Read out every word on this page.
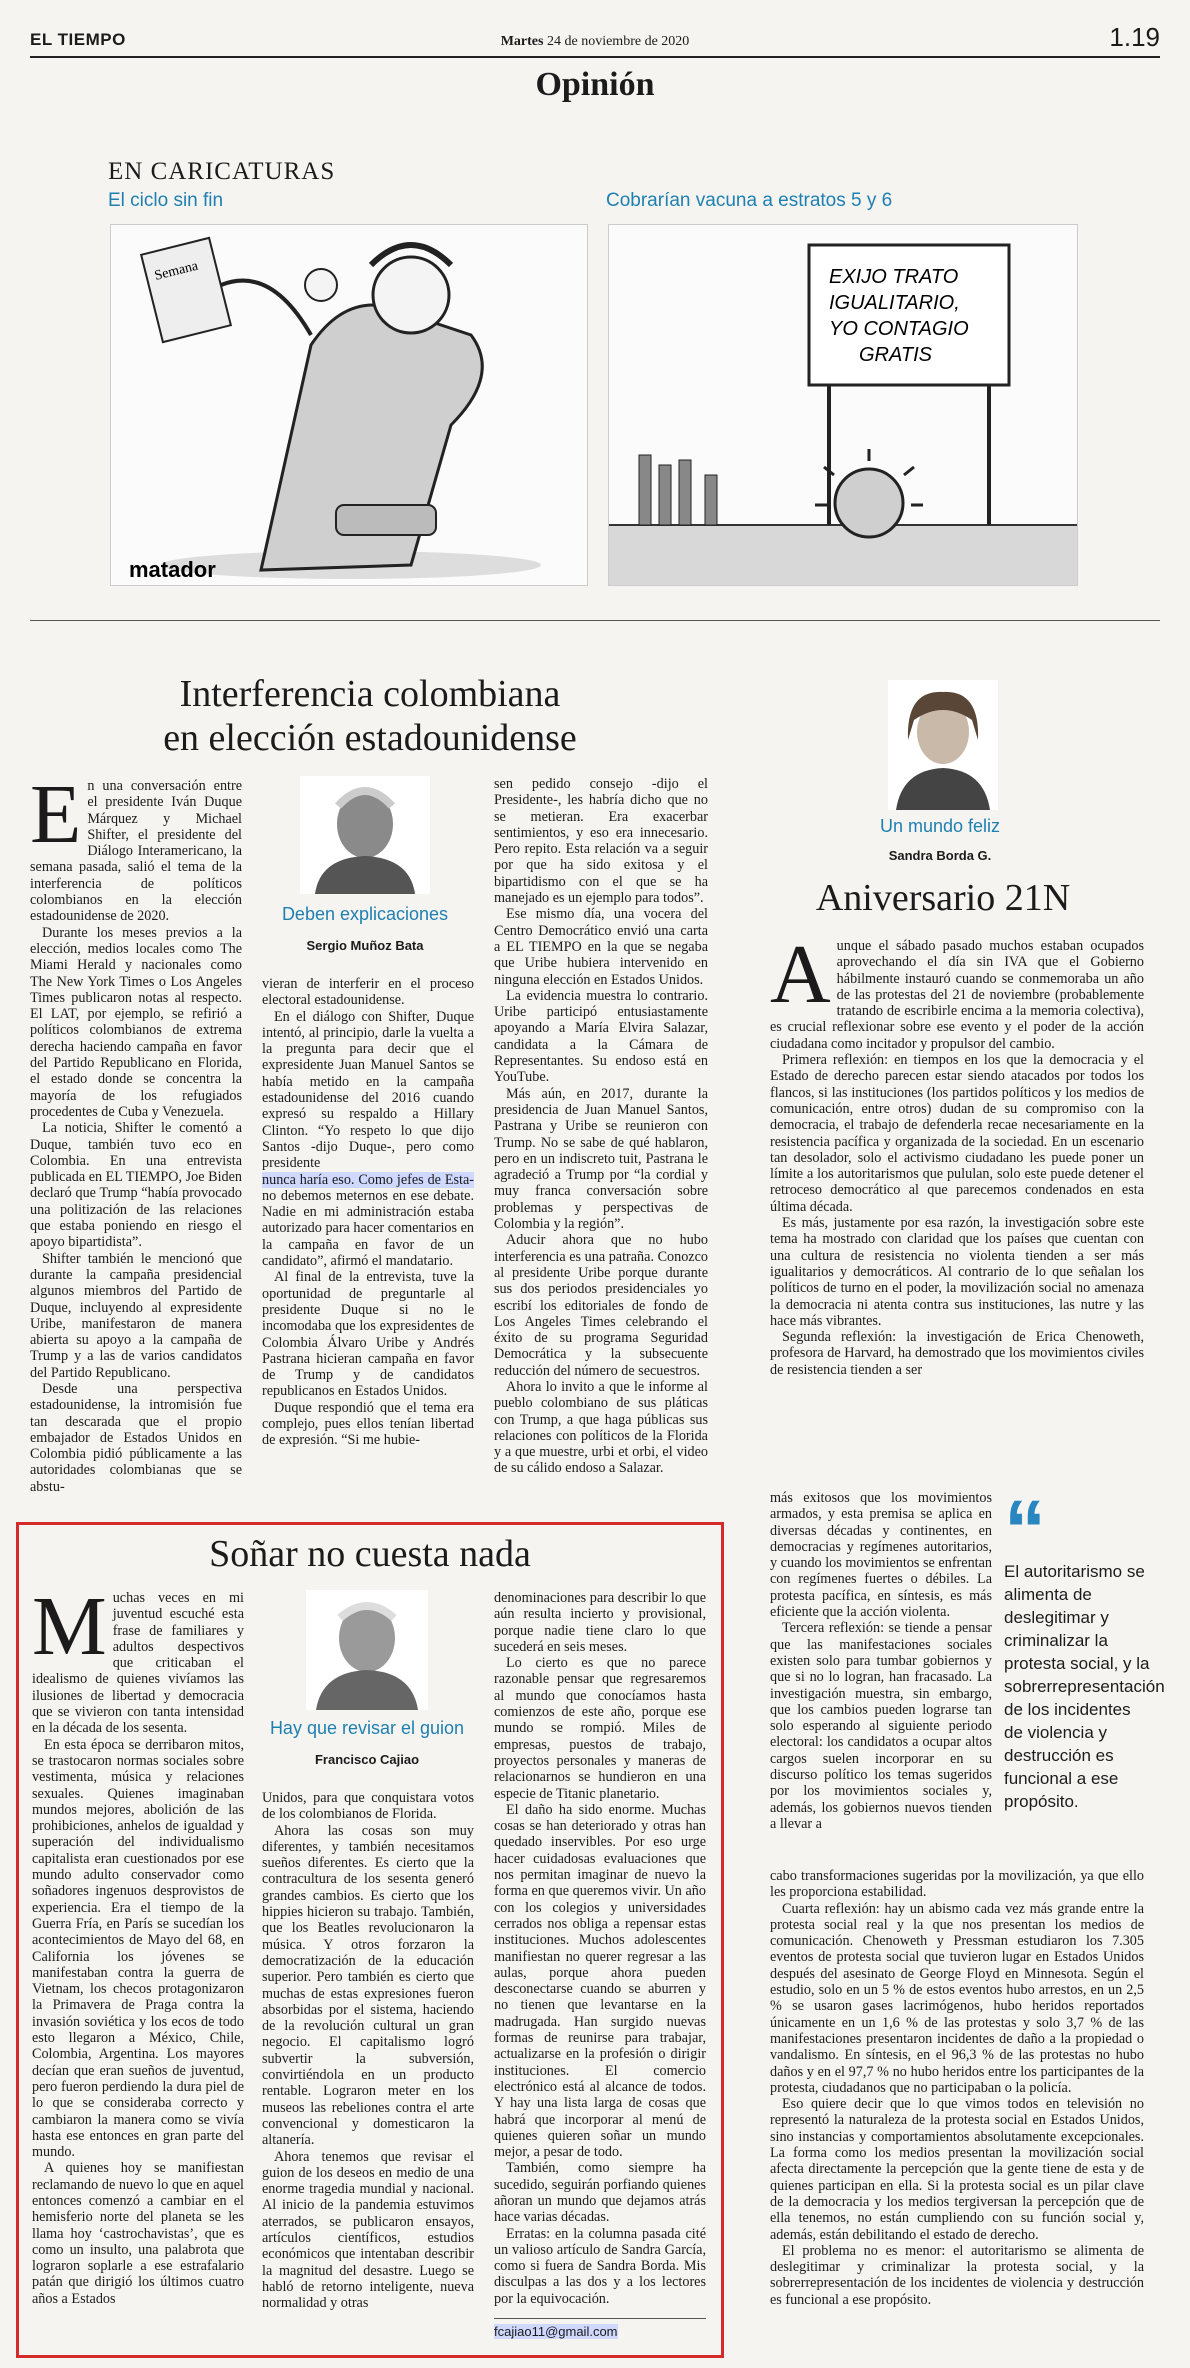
EL TIEMPO	Martes 24 de noviembre de 2020	1.19
Opinión
EN CARICATURAS
El ciclo sin fin	Cobrarían vacuna a estratos 5 y 6
Semana
matador
EXIJO TRATO IGUALITARIO, YO CONTAGIO GRATIS
Interferencia colombiana
en elección estadounidense
E n una conversación entre el presidente Iván Duque Márquez y Michael Shifter, el presidente del Diálogo Interamericano, la semana pasada, salió el tema de la interferencia de políticos colombianos en la elección estadounidense de 2020.

Durante los meses previos a la elección, medios locales como The Miami Herald y nacionales como The New York Times o Los Angeles Times publicaron notas al respecto. El LAT, por ejemplo, se refirió a políticos colombianos de extrema derecha haciendo campaña en favor del Partido Republicano en Florida, el estado donde se concentra la mayoría de los refugiados procedentes de Cuba y Venezuela.

La noticia, Shifter le comentó a Duque, también tuvo eco en Colombia. En una entrevista publicada en EL TIEMPO, Joe Biden declaró que Trump “había provocado una politización de las relaciones que estaba poniendo en riesgo el apoyo bipartidista”.

Shifter también le mencionó que durante la campaña presidencial algunos miembros del Partido de Duque, incluyendo al expresidente Uribe, manifestaron de manera abierta su apoyo a la campaña de Trump y a las de varios candidatos del Partido Republicano.

Desde una perspectiva estadounidense, la intromisión fue tan descarada que el propio embajador de Estados Unidos en Colombia pidió públicamente a las autoridades colombianas que se abstu-

Deben explicaciones
Sergio Muñoz Bata
vieran de interferir en el proceso electoral estadounidense.

En el diálogo con Shifter, Duque intentó, al principio, darle la vuelta a la pregunta para decir que el expresidente Juan Manuel Santos se había metido en la campaña estadounidense del 2016 cuando expresó su respaldo a Hillary Clinton. “Yo respeto lo que dijo Santos -dijo Duque-, pero como presidente

nunca haría eso. Como jefes de Esta- no debemos meternos en ese debate. Nadie en mi administración estaba autorizado para hacer comentarios en la campaña en favor de un candidato”, afirmó el mandatario.

Al final de la entrevista, tuve la oportunidad de preguntarle al presidente Duque si no le incomodaba que los expresidentes de Colombia Álvaro Uribe y Andrés Pastrana hicieran campaña en favor de Trump y de candidatos republicanos en Estados Unidos.

Duque respondió que el tema era complejo, pues ellos tenían libertad de expresión. “Si me hubie-

sen pedido consejo -dijo el Presidente-, les habría dicho que no se metieran. Era exacerbar sentimientos, y eso era innecesario. Pero repito. Esta relación va a seguir por que ha sido exitosa y el bipartidismo con el que se ha manejado es un ejemplo para todos”.

Ese mismo día, una vocera del Centro Democrático envió una carta a EL TIEMPO en la que se negaba que Uribe hubiera intervenido en ninguna elección en Estados Unidos.

La evidencia muestra lo contrario. Uribe participó entusiastamente apoyando a María Elvira Salazar, candidata a la Cámara de Representantes. Su endoso está en YouTube.

Más aún, en 2017, durante la presidencia de Juan Manuel Santos, Pastrana y Uribe se reunieron con Trump. No se sabe de qué hablaron, pero en un indiscreto tuit, Pastrana le agradeció a Trump por “la cordial y muy franca conversación sobre problemas y perspectivas de Colombia y la región”.

Aducir ahora que no hubo interferencia es una patraña. Conozco al presidente Uribe porque durante sus dos periodos presidenciales yo escribí los editoriales de fondo de Los Angeles Times celebrando el éxito de su programa Seguridad Democrática y la subsecuente reducción del número de secuestros.

Ahora lo invito a que le informe al pueblo colombiano de sus pláticas con Trump, a que haga públicas sus relaciones con políticos de la Florida y a que muestre, urbi et orbi, el video de su cálido endoso a Salazar.

Soñar no cuesta nada
M uchas veces en mi juventud escuché esta frase de familiares y adultos despectivos que criticaban el idealismo de quienes vivíamos las ilusiones de libertad y democracia que se vivieron con tanta intensidad en la década de los sesenta.

En esta época se derribaron mitos, se trastocaron normas sociales sobre vestimenta, música y relaciones sexuales. Quienes imaginaban mundos mejores, abolición de las prohibiciones, anhelos de igualdad y superación del individualismo capitalista eran cuestionados por ese mundo adulto conservador como soñadores ingenuos desprovistos de experiencia. Era el tiempo de la Guerra Fría, en París se sucedían los acontecimientos de Mayo del 68, en California los jóvenes se manifestaban contra la guerra de Vietnam, los checos protagonizaron la Primavera de Praga contra la invasión soviética y los ecos de todo esto llegaron a México, Chile, Colombia, Argentina. Los mayores decían que eran sueños de juventud, pero fueron perdiendo la dura piel de lo que se consideraba correcto y cambiaron la manera como se vivía hasta ese entonces en gran parte del mundo.

A quienes hoy se manifiestan reclamando de nuevo lo que en aquel entonces comenzó a cambiar en el hemisferio norte del planeta se les llama hoy ‘castrochavistas’, que es como un insulto, una palabrota que lograron soplarle a ese estrafalario patán que dirigió los últimos cuatro años a Estados

Hay que revisar el guion
Francisco Cajiao
Unidos, para que conquistara votos de los colombianos de Florida.

Ahora las cosas son muy diferentes, y también necesitamos sueños diferentes. Es cierto que la contracultura de los sesenta generó grandes cambios. Es cierto que los hippies hicieron su trabajo. También, que los Beatles revolucionaron la música. Y otros forzaron la democratización de la educación superior. Pero también es cierto que muchas de estas expresiones fueron absorbidas por el sistema, haciendo de la revolución cultural un gran negocio. El capitalismo logró subvertir la subversión, convirtiéndola en un producto rentable. Lograron meter en los museos las rebeliones contra el arte convencional y domesticaron la altanería.

Ahora tenemos que revisar el guion de los deseos en medio de una enorme tragedia mundial y nacional. Al inicio de la pandemia estuvimos aterrados, se publicaron ensayos, artículos científicos, estudios económicos que intentaban describir la magnitud del desastre. Luego se habló de retorno inteligente, nueva normalidad y otras

denominaciones para describir lo que aún resulta incierto y provisional, porque nadie tiene claro lo que sucederá en seis meses.

Lo cierto es que no parece razonable pensar que regresaremos al mundo que conocíamos hasta comienzos de este año, porque ese mundo se rompió. Miles de empresas, puestos de trabajo, proyectos personales y maneras de relacionarnos se hundieron en una especie de Titanic planetario.

El daño ha sido enorme. Muchas cosas se han deteriorado y otras han quedado inservibles. Por eso urge hacer cuidadosas evaluaciones que nos permitan imaginar de nuevo la forma en que queremos vivir. Un año con los colegios y universidades cerrados nos obliga a repensar estas instituciones. Muchos adolescentes manifiestan no querer regresar a las aulas, porque ahora pueden desconectarse cuando se aburren y no tienen que levantarse en la madrugada. Han surgido nuevas formas de reunirse para trabajar, actualizarse en la profesión o dirigir instituciones. El comercio electrónico está al alcance de todos. Y hay una lista larga de cosas que habrá que incorporar al menú de quienes quieren soñar un mundo mejor, a pesar de todo.

También, como siempre ha sucedido, seguirán porfiando quienes añoran un mundo que dejamos atrás hace varias décadas.

Erratas: en la columna pasada cité un valioso artículo de Sandra García, como si fuera de Sandra Borda. Mis disculpas a las dos y a los lectores por la equivocación.

fcajiao11@gmail.com
Un mundo feliz
Sandra Borda G.
Aniversario 21N
A unque el sábado pasado muchos estaban ocupados aprovechando el día sin IVA que el Gobierno hábilmente instauró cuando se conmemoraba un año de las protestas del 21 de noviembre (probablemente tratando de escribirle encima a la memoria colectiva), es crucial reflexionar sobre ese evento y el poder de la acción ciudadana como incitador y propulsor del cambio.

Primera reflexión: en tiempos en los que la democracia y el Estado de derecho parecen estar siendo atacados por todos los flancos, si las instituciones (los partidos políticos y los medios de comunicación, entre otros) dudan de su compromiso con la democracia, el trabajo de defenderla recae necesariamente en la resistencia pacífica y organizada de la sociedad. En un escenario tan desolador, solo el activismo ciudadano les puede poner un límite a los autoritarismos que pululan, solo este puede detener el retroceso democrático al que parecemos condenados en esta última década.

Es más, justamente por esa razón, la investigación sobre este tema ha mostrado con claridad que los países que cuentan con una cultura de resistencia no violenta tienden a ser más igualitarios y democráticos. Al contrario de lo que señalan los políticos de turno en el poder, la movilización social no amenaza la democracia ni atenta contra sus instituciones, las nutre y las hace más vibrantes.

Segunda reflexión: la investigación de Erica Chenoweth, profesora de Harvard, ha demostrado que los movimientos civiles de resistencia tienden a ser

más exitosos que los movimientos armados, y esta premisa se aplica en diversas décadas y continentes, en democracias y regímenes autoritarios, y cuando los movimientos se enfrentan con regímenes fuertes o débiles. La protesta pacífica, en síntesis, es más eficiente que la acción violenta.

Tercera reflexión: se tiende a pensar que las manifestaciones sociales existen solo para tumbar gobiernos y que si no lo logran, han fracasado. La investigación muestra, sin embargo, que los cambios pueden lograrse tan solo esperando al siguiente periodo electoral: los candidatos a ocupar altos cargos suelen incorporar en su discurso político los temas sugeridos por los movimientos sociales y, además, los gobiernos nuevos tienden a llevar a

“
El autoritarismo se alimenta de deslegitimar y criminalizar la protesta social, y la sobrerrepresentación de los incidentes de violencia y destrucción es funcional a ese propósito.
cabo transformaciones sugeridas por la movilización, ya que ello les proporciona estabilidad.

Cuarta reflexión: hay un abismo cada vez más grande entre la protesta social real y la que nos presentan los medios de comunicación. Chenoweth y Pressman estudiaron los 7.305 eventos de protesta social que tuvieron lugar en Estados Unidos después del asesinato de George Floyd en Minnesota. Según el estudio, solo en un 5 % de estos eventos hubo arrestos, en un 2,5 % se usaron gases lacrimógenos, hubo heridos reportados únicamente en un 1,6 % de las protestas y solo 3,7 % de las manifestaciones presentaron incidentes de daño a la propiedad o vandalismo. En síntesis, en el 96,3 % de las protestas no hubo daños y en el 97,7 % no hubo heridos entre los participantes de la protesta, ciudadanos que no participaban o la policía.

Eso quiere decir que lo que vimos todos en televisión no representó la naturaleza de la protesta social en Estados Unidos, sino instancias y comportamientos absolutamente excepcionales. La forma como los medios presentan la movilización social afecta directamente la percepción que la gente tiene de esta y de quienes participan en ella. Si la protesta social es un pilar clave de la democracia y los medios tergiversan la percepción que de ella tenemos, no están cumpliendo con su función social y, además, están debilitando el estado de derecho.

El problema no es menor: el autoritarismo se alimenta de deslegitimar y criminalizar la protesta social, y la sobrerrepresentación de los incidentes de violencia y destrucción es funcional a ese propósito.
